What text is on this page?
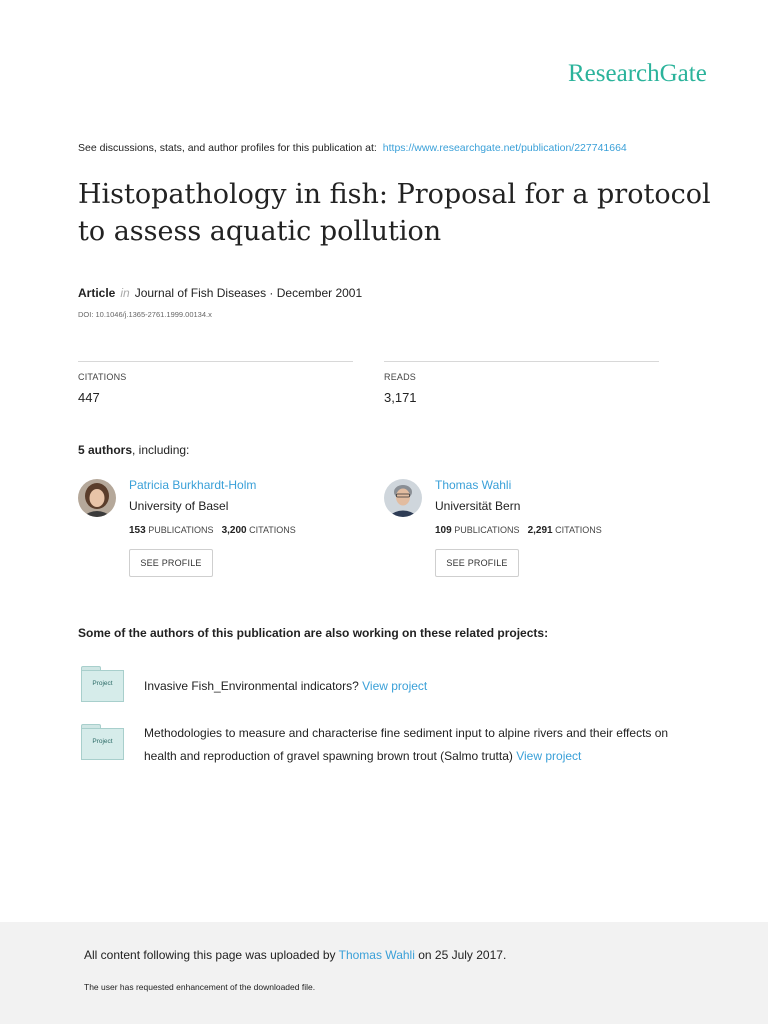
ResearchGate
See discussions, stats, and author profiles for this publication at: https://www.researchgate.net/publication/227741664
Histopathology in fish: Proposal for a protocol to assess aquatic pollution
Article in Journal of Fish Diseases · December 2001
DOI: 10.1046/j.1365-2761.1999.00134.x
CITATIONS
447
READS
3,171
5 authors, including:
Patricia Burkhardt-Holm
University of Basel
153 PUBLICATIONS 3,200 CITATIONS
SEE PROFILE
Thomas Wahli
Universität Bern
109 PUBLICATIONS 2,291 CITATIONS
SEE PROFILE
Some of the authors of this publication are also working on these related projects:
Project	Invasive Fish_Environmental indicators? View project
Project
Methodologies to measure and characterise fine sediment input to alpine rivers and their effects on health and reproduction of gravel spawning brown trout (Salmo trutta) View project
All content following this page was uploaded by Thomas Wahli on 25 July 2017.
The user has requested enhancement of the downloaded file.
